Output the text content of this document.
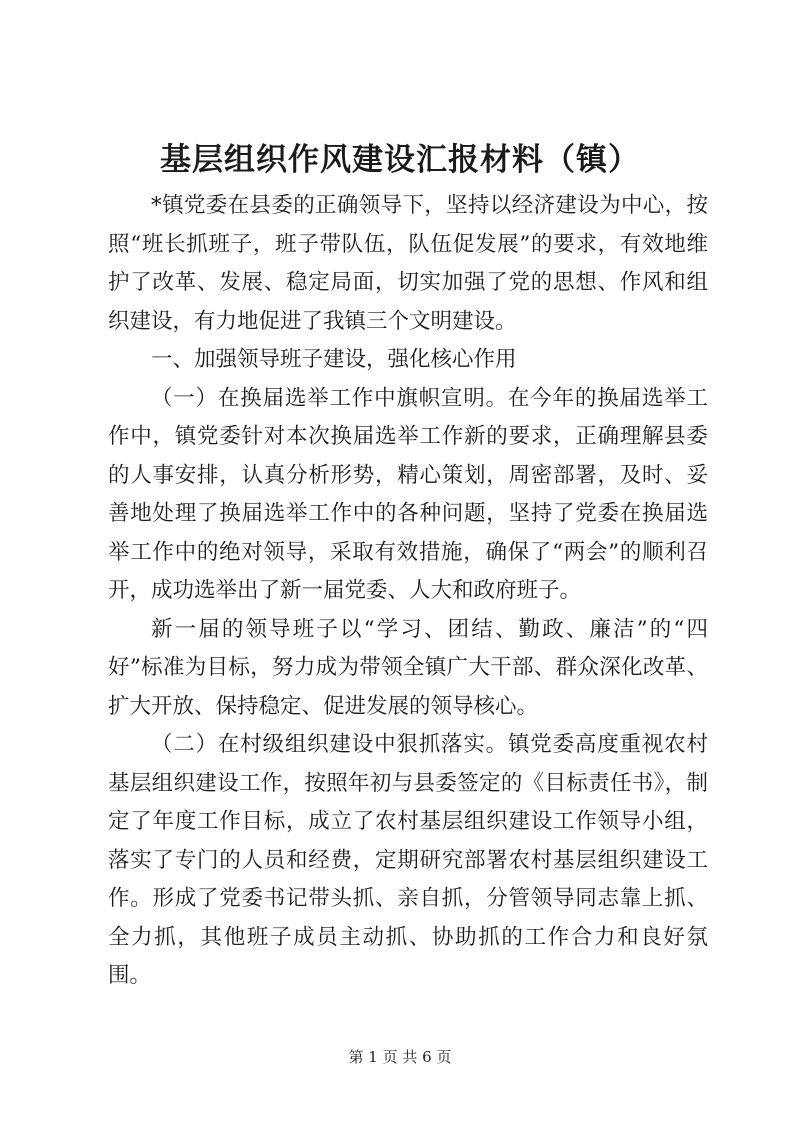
基层组织作风建设汇报材料（镇）

*镇党委在县委的正确领导下，坚持以经济建设为中心，按照“班长抓班子，班子带队伍，队伍促发展”的要求，有效地维护了改革、发展、稳定局面，切实加强了党的思想、作风和组织建设，有力地促进了我镇三个文明建设。

一、加强领导班子建设，强化核心作用

（一）在换届选举工作中旗帜宣明。在今年的换届选举工作中，镇党委针对本次换届选举工作新的要求，正确理解县委的人事安排，认真分析形势，精心策划，周密部署，及时、妥善地处理了换届选举工作中的各种问题，坚持了党委在换届选举工作中的绝对领导，采取有效措施，确保了“两会”的顺利召开，成功选举出了新一届党委、人大和政府班子。

新一届的领导班子以“学习、团结、勤政、廉洁”的“四好”标准为目标，努力成为带领全镇广大干部、群众深化改革、扩大开放、保持稳定、促进发展的领导核心。

（二）在村级组织建设中狠抓落实。镇党委高度重视农村基层组织建设工作，按照年初与县委签定的《目标责任书》，制定了年度工作目标，成立了农村基层组织建设工作领导小组，落实了专门的人员和经费，定期研究部署农村基层组织建设工作。形成了党委书记带头抓、亲自抓，分管领导同志靠上抓、全力抓，其他班子成员主动抓、协助抓的工作合力和良好氛围。

第 1 页 共 6 页
